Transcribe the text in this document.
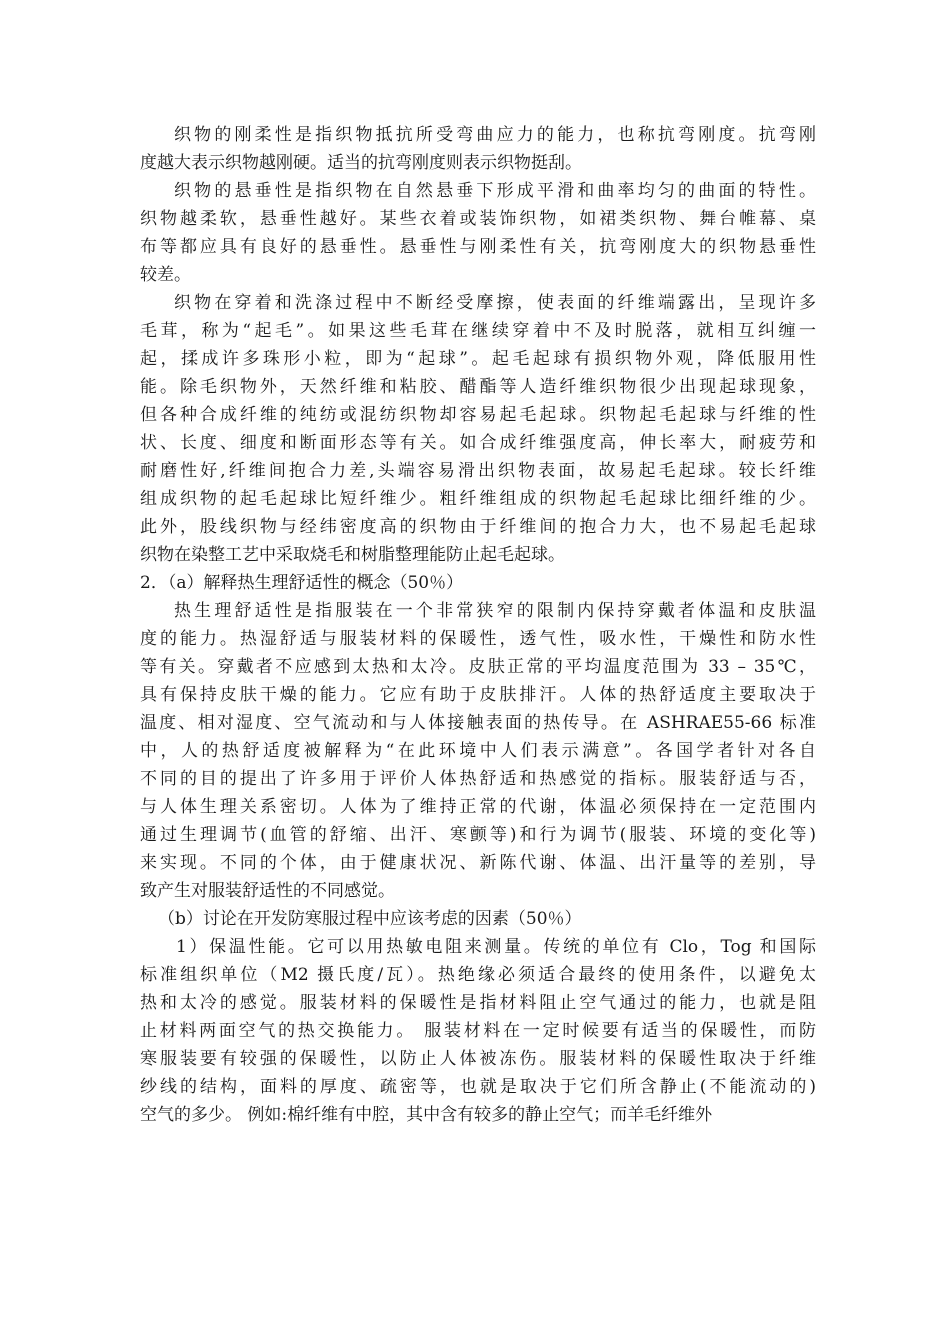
织物的刚柔性是指织物抵抗所受弯曲应力的能力，也称抗弯刚度。抗弯刚
度越大表示织物越刚硬。适当的抗弯刚度则表示织物挺刮。
织物的悬垂性是指织物在自然悬垂下形成平滑和曲率均匀的曲面的特性。
织物越柔软，悬垂性越好。某些衣着或装饰织物，如裙类织物、舞台帷幕、桌
布等都应具有良好的悬垂性。悬垂性与刚柔性有关，抗弯刚度大的织物悬垂性
较差。
织物在穿着和洗涤过程中不断经受摩擦，使表面的纤维端露出，呈现许多
毛茸，称为“起毛”。如果这些毛茸在继续穿着中不及时脱落，就相互纠缠一
起，揉成许多珠形小粒，即为“起球”。起毛起球有损织物外观，降低服用性
能。除毛织物外，天然纤维和粘胶、醋酯等人造纤维织物很少出现起球现象，
但各种合成纤维的纯纺或混纺织物却容易起毛起球。织物起毛起球与纤维的性
状、长度、细度和断面形态等有关。如合成纤维强度高，伸长率大，耐疲劳和
耐磨性好,纤维间抱合力差,头端容易滑出织物表面，故易起毛起球。较长纤维
组成织物的起毛起球比短纤维少。粗纤维组成的织物起毛起球比细纤维的少。
此外，股线织物与经纬密度高的织物由于纤维间的抱合力大，也不易起毛起球
织物在染整工艺中采取烧毛和树脂整理能防止起毛起球。
2．（a）解释热生理舒适性的概念（50％）
热生理舒适性是指服装在一个非常狭窄的限制内保持穿戴者体温和皮肤温
度的能力。热湿舒适与服装材料的保暖性，透气性，吸水性，干燥性和防水性
等有关。穿戴者不应感到太热和太冷。皮肤正常的平均温度范围为 33 – 35℃，
具有保持皮肤干燥的能力。它应有助于皮肤排汗。人体的热舒适度主要取决于
温度、相对湿度、空气流动和与人体接触表面的热传导。在 ASHRAE55-66 标准
中，人的热舒适度被解释为“在此环境中人们表示满意”。各国学者针对各自
不同的目的提出了许多用于评价人体热舒适和热感觉的指标。服装舒适与否，
与人体生理关系密切。人体为了维持正常的代谢，体温必须保持在一定范围内
通过生理调节(血管的舒缩、出汗、寒颤等)和行为调节(服装、环境的变化等)
来实现。不同的个体，由于健康状况、新陈代谢、体温、出汗量等的差别，导
致产生对服装舒适性的不同感觉。
（b）讨论在开发防寒服过程中应该考虑的因素（50％）
1）保温性能。它可以用热敏电阻来测量。传统的单位有 Clo，Tog 和国际
标准组织单位（M2 摄氏度/瓦）。热绝缘必须适合最终的使用条件，以避免太
热和太冷的感觉。服装材料的保暖性是指材料阻止空气通过的能力，也就是阻
止材料两面空气的热交换能力。 服装材料在一定时候要有适当的保暖性，而防
寒服装要有较强的保暖性，以防止人体被冻伤。服装材料的保暖性取决于纤维
纱线的结构，面料的厚度、疏密等，也就是取决于它们所含静止(不能流动的)
空气的多少。 例如:棉纤维有中腔，其中含有较多的静止空气；而羊毛纤维外
